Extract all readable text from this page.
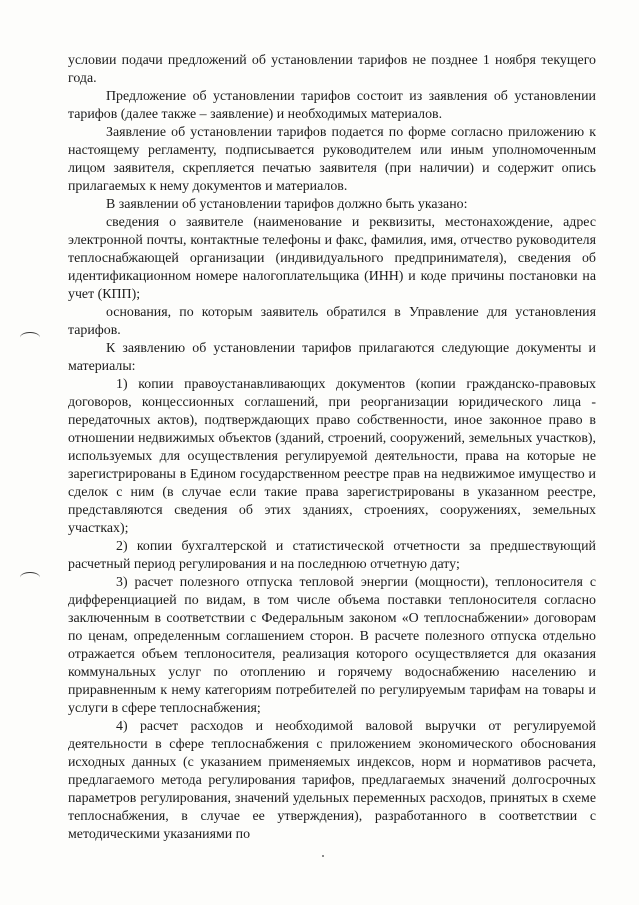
условии подачи предложений об установлении тарифов не позднее 1 ноября текущего года.

Предложение об установлении тарифов состоит из заявления об установлении тарифов (далее также – заявление) и необходимых материалов.

Заявление об установлении тарифов подается по форме согласно приложению к настоящему регламенту, подписывается руководителем или иным уполномоченным лицом заявителя, скрепляется печатью заявителя (при наличии) и содержит опись прилагаемых к нему документов и материалов.

В заявлении об установлении тарифов должно быть указано:

сведения о заявителе (наименование и реквизиты, местонахождение, адрес электронной почты, контактные телефоны и факс, фамилия, имя, отчество руководителя теплоснабжающей организации (индивидуального предпринимателя), сведения об идентификационном номере налогоплательщика (ИНН) и коде причины постановки на учет (КПП);

основания, по которым заявитель обратился в Управление для установления тарифов.

К заявлению об установлении тарифов прилагаются следующие документы и материалы:

1) копии правоустанавливающих документов (копии гражданско-правовых договоров, концессионных соглашений, при реорганизации юридического лица - передаточных актов), подтверждающих право собственности, иное законное право в отношении недвижимых объектов (зданий, строений, сооружений, земельных участков), используемых для осуществления регулируемой деятельности, права на которые не зарегистрированы в Едином государственном реестре прав на недвижимое имущество и сделок с ним (в случае если такие права зарегистрированы в указанном реестре, представляются сведения об этих зданиях, строениях, сооружениях, земельных участках);

2) копии бухгалтерской и статистической отчетности за предшествующий расчетный период регулирования и на последнюю отчетную дату;

3) расчет полезного отпуска тепловой энергии (мощности), теплоносителя с дифференциацией по видам, в том числе объема поставки теплоносителя согласно заключенным в соответствии с Федеральным законом «О теплоснабжении» договорам по ценам, определенным соглашением сторон. В расчете полезного отпуска отдельно отражается объем теплоносителя, реализация которого осуществляется для оказания коммунальных услуг по отоплению и горячему водоснабжению населению и приравненным к нему категориям потребителей по регулируемым тарифам на товары и услуги в сфере теплоснабжения;

4) расчет расходов и необходимой валовой выручки от регулируемой деятельности в сфере теплоснабжения с приложением экономического обоснования исходных данных (с указанием применяемых индексов, норм и нормативов расчета, предлагаемого метода регулирования тарифов, предлагаемых значений долгосрочных параметров регулирования, значений удельных переменных расходов, принятых в схеме теплоснабжения, в случае ее утверждения), разработанного в соответствии с методическими указаниями по
